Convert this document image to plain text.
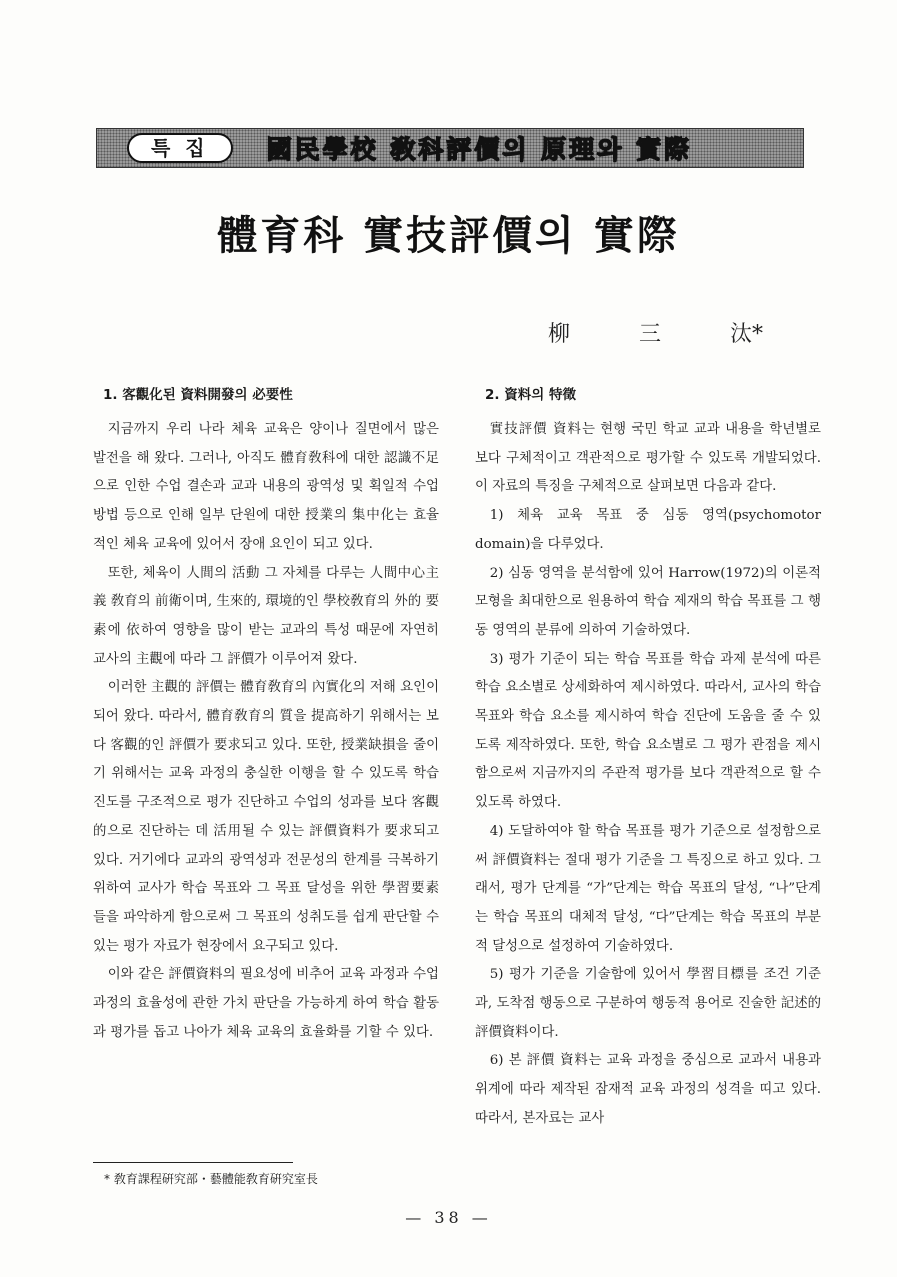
특 집	國民學校 敎科評價의 原理와 實際
體育科 實技評價의 實際
柳	三	汰*
1. 客觀化된 資料開發의 必要性

지금까지 우리 나라 체육 교육은 양이나 질면에서 많은 발전을 해 왔다. 그러나, 아직도 體育敎科에 대한 認識不足으로 인한 수업 결손과 교과 내용의 광역성 및 획일적 수업 방법 등으로 인해 일부 단원에 대한 授業의 集中化는 효율적인 체육 교육에 있어서 장애 요인이 되고 있다.

또한, 체육이 人間의 活動 그 자체를 다루는 人間中心主義 敎育의 前衛이며, 生來的, 環境的인 學校敎育의 外的 要素에 依하여 영향을 많이 받는 교과의 특성 때문에 자연히 교사의 主觀에 따라 그 評價가 이루어져 왔다.

이러한 主觀的 評價는 體育敎育의 內實化의 저해 요인이 되어 왔다. 따라서, 體育敎育의 質을 提高하기 위해서는 보다 客觀的인 評價가 要求되고 있다. 또한, 授業缺損을 줄이기 위해서는 교육 과정의 충실한 이행을 할 수 있도록 학습 진도를 구조적으로 평가 진단하고 수업의 성과를 보다 客觀的으로 진단하는 데 活用될 수 있는 評價資料가 要求되고 있다. 거기에다 교과의 광역성과 전문성의 한계를 극복하기 위하여 교사가 학습 목표와 그 목표 달성을 위한 學習要素들을 파악하게 함으로써 그 목표의 성취도를 쉽게 판단할 수 있는 평가 자료가 현장에서 요구되고 있다.

이와 같은 評價資料의 필요성에 비추어 교육 과정과 수업 과정의 효율성에 관한 가치 판단을 가능하게 하여 학습 활동과 평가를 돕고 나아가 체육 교육의 효율화를 기할 수 있다.

2. 資料의 特徵

實技評價 資料는 현행 국민 학교 교과 내용을 학년별로 보다 구체적이고 객관적으로 평가할 수 있도록 개발되었다. 이 자료의 특징을 구체적으로 살펴보면 다음과 같다.

1) 체육 교육 목표 중 심동 영역(psychomotor domain)을 다루었다.

2) 심동 영역을 분석함에 있어 Harrow(1972)의 이론적 모형을 최대한으로 원용하여 학습 제재의 학습 목표를 그 행동 영역의 분류에 의하여 기술하였다.

3) 평가 기준이 되는 학습 목표를 학습 과제 분석에 따른 학습 요소별로 상세화하여 제시하였다. 따라서, 교사의 학습 목표와 학습 요소를 제시하여 학습 진단에 도움을 줄 수 있도록 제작하였다. 또한, 학습 요소별로 그 평가 관점을 제시함으로써 지금까지의 주관적 평가를 보다 객관적으로 할 수 있도록 하였다.

4) 도달하여야 할 학습 목표를 평가 기준으로 설정함으로써 評價資料는 절대 평가 기준을 그 특징으로 하고 있다. 그래서, 평가 단계를 “가”단계는 학습 목표의 달성, “나”단계는 학습 목표의 대체적 달성, “다”단계는 학습 목표의 부분적 달성으로 설정하여 기술하였다.

5) 평가 기준을 기술함에 있어서 學習目標를 조건 기준과, 도착점 행동으로 구분하여 행동적 용어로 진술한 記述的 評價資料이다.

6) 본 評價 資料는 교육 과정을 중심으로 교과서 내용과 위계에 따라 제작된 잠재적 교육 과정의 성격을 띠고 있다. 따라서, 본자료는 교사

* 敎育課程硏究部・藝體能敎育硏究室長
— 38 —
